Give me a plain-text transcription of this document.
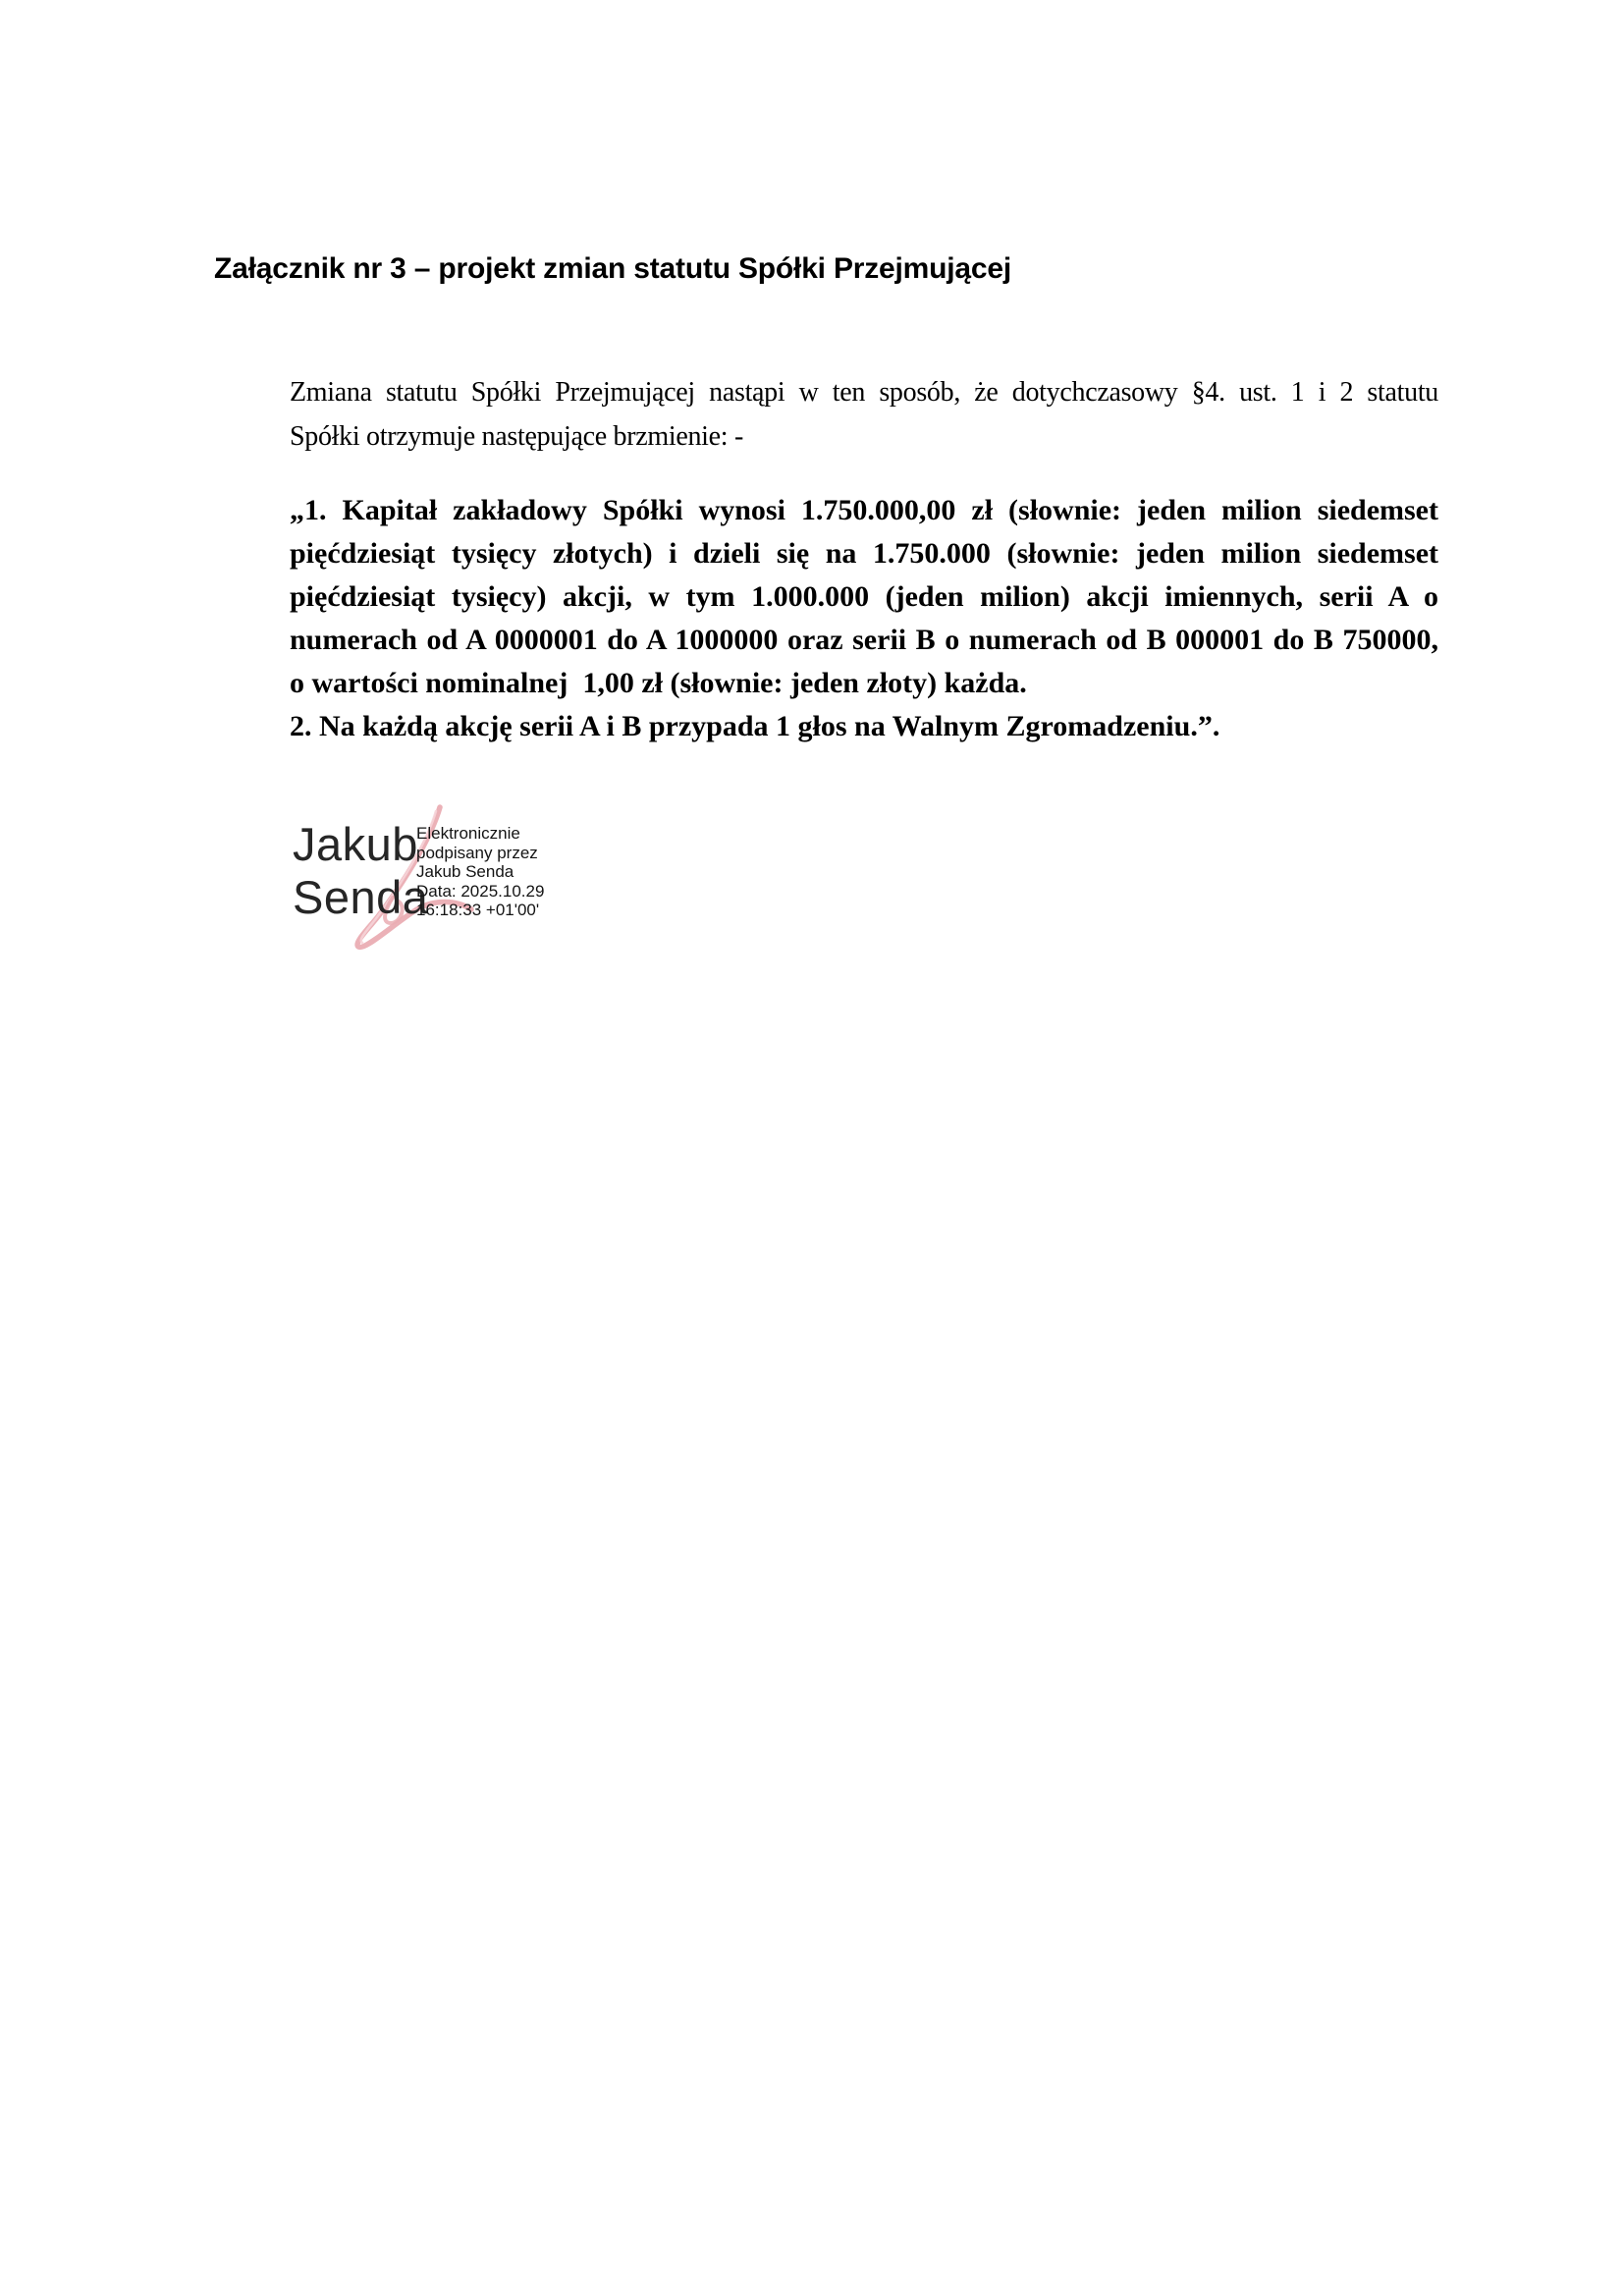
Załącznik nr 3 – projekt zmian statutu Spółki Przejmującej
Zmiana statutu Spółki Przejmującej nastąpi w ten sposób, że dotychczasowy §4. ust. 1 i 2 statutu
Spółki otrzymuje następujące brzmienie: -
„1. Kapitał zakładowy Spółki wynosi 1.750.000,00 zł (słownie: jeden milion siedemset
pięćdziesiąt tysięcy złotych) i dzieli się na 1.750.000 (słownie: jeden milion siedemset
pięćdziesiąt tysięcy) akcji, w tym 1.000.000 (jeden milion) akcji imiennych, serii A o
numerach od A 0000001 do A 1000000 oraz serii B o numerach od B 000001 do B 750000,
o wartości nominalnej  1,00 zł (słownie: jeden złoty) każda.
2. Na każdą akcję serii A i B przypada 1 głos na Walnym Zgromadzeniu.”.
Jakub
Senda
Elektronicznie
podpisany przez
Jakub Senda
Data: 2025.10.29
16:18:33 +01'00'
